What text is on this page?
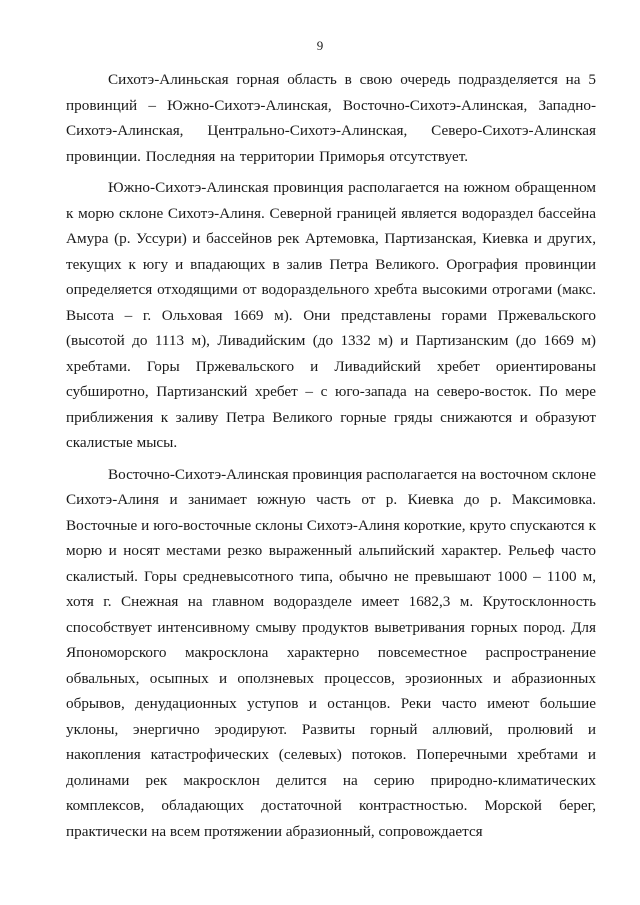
9

Сихотэ-Алиньская горная область в свою очередь подразделяется на 5 провинций – Южно-Сихотэ-Алинская, Восточно-Сихотэ-Алинская, Западно-Сихотэ-Алинская, Центрально-Сихотэ-Алинская, Северо-Сихотэ-Алинская провинции. Последняя на территории Приморья отсутствует.

Южно-Сихотэ-Алинская провинция располагается на южном обращенном к морю склоне Сихотэ-Алиня. Северной границей является водораздел бассейна Амура (р. Уссури) и бассейнов рек Артемовка, Партизанская, Киевка и других, текущих к югу и впадающих в залив Петра Великого. Орография провинции определяется отходящими от водораздельного хребта высокими отрогами (макс. Высота – г. Ольховая 1669 м). Они представлены горами Пржевальского (высотой до 1113 м), Ливадийским (до 1332 м) и Партизанским (до 1669 м) хребтами. Горы Пржевальского и Ливадийский хребет ориентированы субширотно, Партизанский хребет – с юго-запада на северо-восток. По мере приближения к заливу Петра Великого горные гряды снижаются и образуют скалистые мысы.

Восточно-Сихотэ-Алинская провинция располагается на восточном склоне Сихотэ-Алиня и занимает южную часть от р. Киевка до р. Максимовка. Восточные и юго-восточные склоны Сихотэ-Алиня короткие, круто спускаются к морю и носят местами резко выраженный альпийский характер. Рельеф часто скалистый. Горы средневысотного типа, обычно не превышают 1000 – 1100 м, хотя г. Снежная на главном водоразделе имеет 1682,3 м. Крутосклонность способствует интенсивному смыву продуктов выветривания горных пород. Для Япономорского макросклона характерно повсеместное распространение обвальных, осыпных и оползневых процессов, эрозионных и абразионных обрывов, денудационных уступов и останцов. Реки часто имеют большие уклоны, энергично эродируют. Развиты горный аллювий, пролювий и накопления катастрофических (селевых) потоков. Поперечными хребтами и долинами рек макросклон делится на серию природно-климатических комплексов, обладающих достаточной контрастностью. Морской берег, практически на всем протяжении абразионный, сопровождается
